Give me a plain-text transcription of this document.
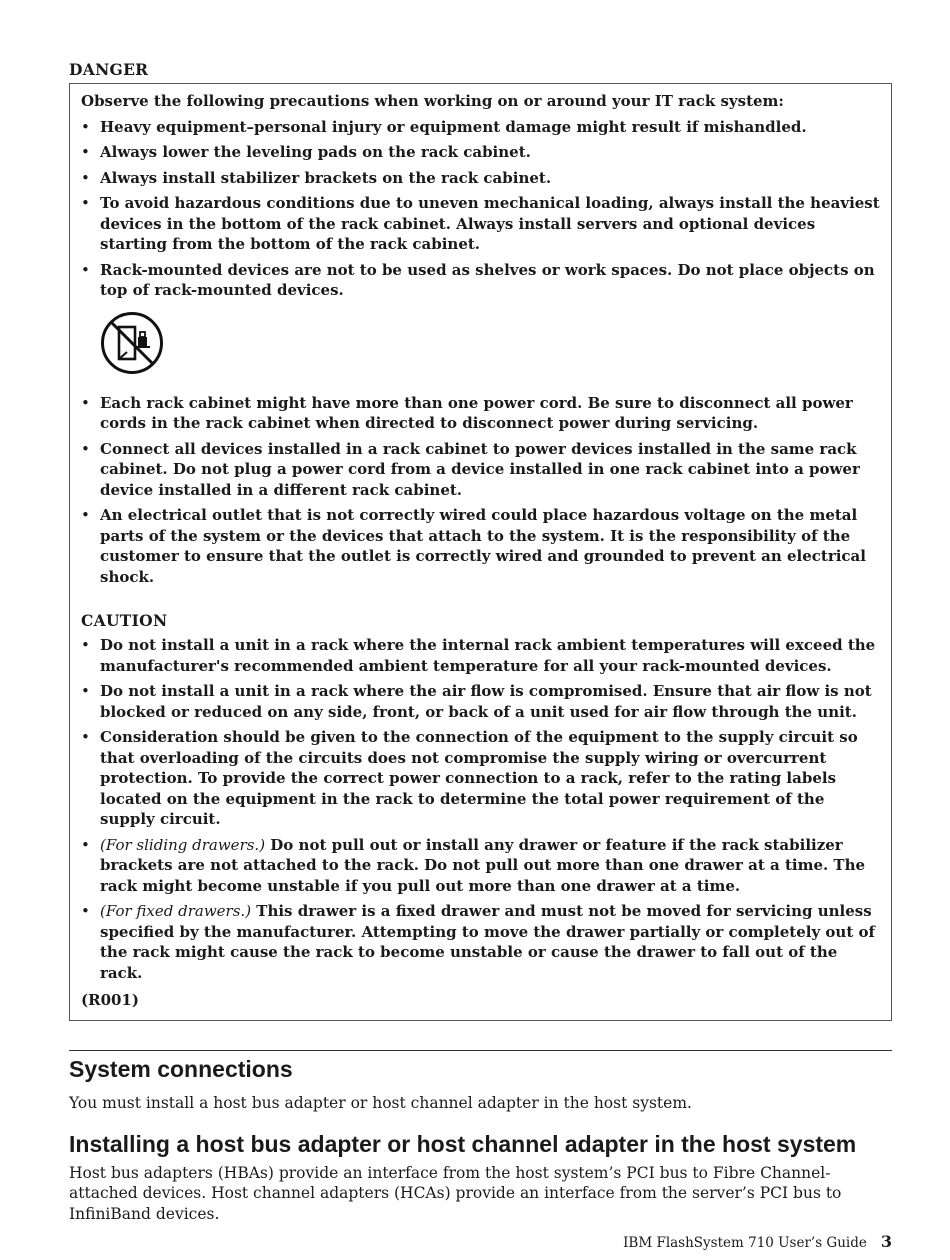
DANGER
Observe the following precautions when working on or around your IT rack system:
• Heavy equipment–personal injury or equipment damage might result if mishandled.
• Always lower the leveling pads on the rack cabinet.
• Always install stabilizer brackets on the rack cabinet.
• To avoid hazardous conditions due to uneven mechanical loading, always install the heaviest devices in the bottom of the rack cabinet. Always install servers and optional devices starting from the bottom of the rack cabinet.
• Rack-mounted devices are not to be used as shelves or work spaces. Do not place objects on top of rack-mounted devices.
• Each rack cabinet might have more than one power cord. Be sure to disconnect all power cords in the rack cabinet when directed to disconnect power during servicing.
• Connect all devices installed in a rack cabinet to power devices installed in the same rack cabinet. Do not plug a power cord from a device installed in one rack cabinet into a power device installed in a different rack cabinet.
• An electrical outlet that is not correctly wired could place hazardous voltage on the metal parts of the system or the devices that attach to the system. It is the responsibility of the customer to ensure that the outlet is correctly wired and grounded to prevent an electrical shock.
CAUTION
• Do not install a unit in a rack where the internal rack ambient temperatures will exceed the manufacturer's recommended ambient temperature for all your rack-mounted devices.
• Do not install a unit in a rack where the air flow is compromised. Ensure that air flow is not blocked or reduced on any side, front, or back of a unit used for air flow through the unit.
• Consideration should be given to the connection of the equipment to the supply circuit so that overloading of the circuits does not compromise the supply wiring or overcurrent protection. To provide the correct power connection to a rack, refer to the rating labels located on the equipment in the rack to determine the total power requirement of the supply circuit.
• (For sliding drawers.) Do not pull out or install any drawer or feature if the rack stabilizer brackets are not attached to the rack. Do not pull out more than one drawer at a time. The rack might become unstable if you pull out more than one drawer at a time.
• (For fixed drawers.) This drawer is a fixed drawer and must not be moved for servicing unless specified by the manufacturer. Attempting to move the drawer partially or completely out of the rack might cause the rack to become unstable or cause the drawer to fall out of the rack.
(R001)
System connections

You must install a host bus adapter or host channel adapter in the host system.

Installing a host bus adapter or host channel adapter in the host system

Host bus adapters (HBAs) provide an interface from the host system’s PCI bus to Fibre Channel-attached devices. Host channel adapters (HCAs) provide an interface from the server’s PCI bus to InfiniBand devices.

IBM FlashSystem 710 User’s Guide 3
